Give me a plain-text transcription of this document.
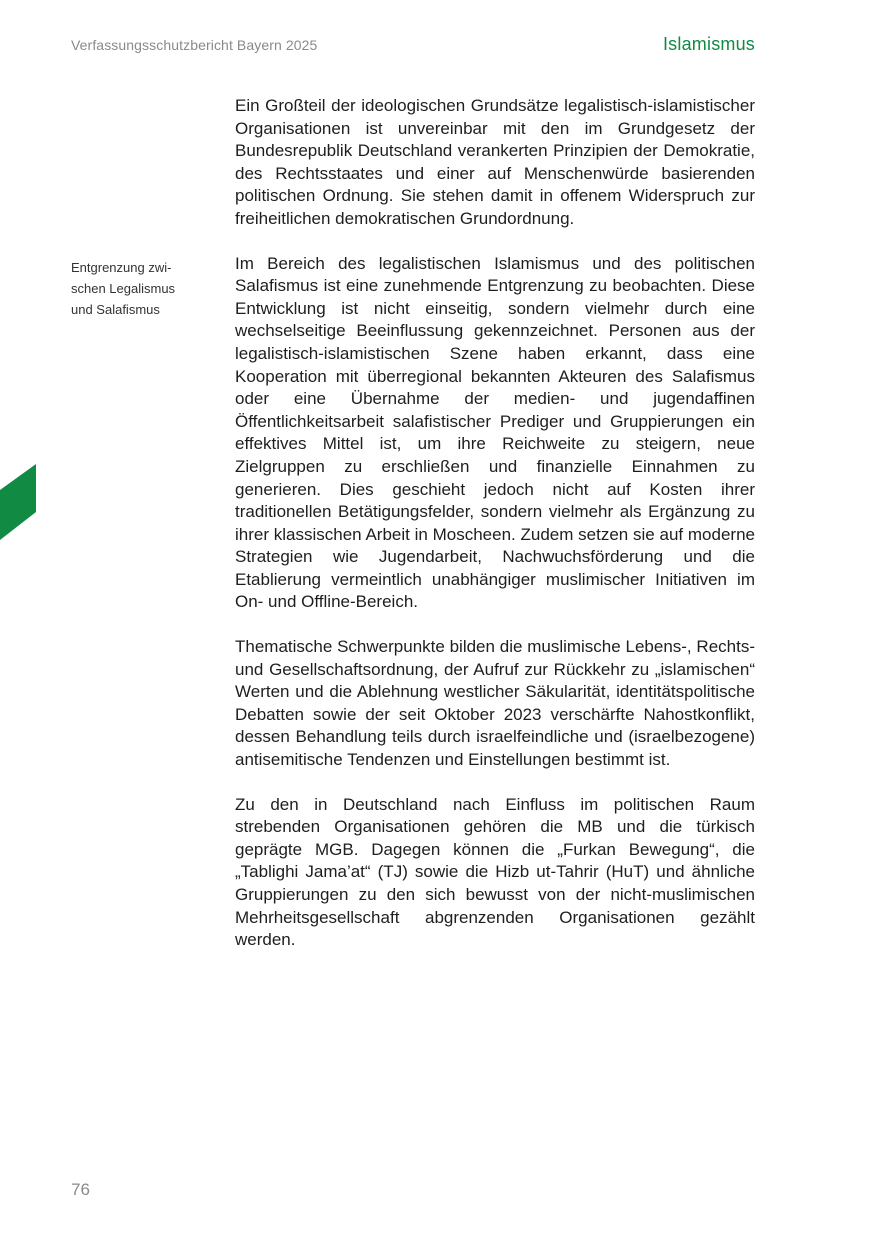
Verfassungsschutzbericht Bayern 2025	Islamismus
Entgrenzung zwi-
schen Legalismus
und Salafismus

Ein Großteil der ideologischen Grundsätze legalistisch-islamistischer Organisationen ist unvereinbar mit den im Grundgesetz der Bundesrepublik Deutschland verankerten Prinzipien der Demokratie, des Rechtsstaates und einer auf Menschenwürde basierenden politischen Ordnung. Sie stehen damit in offenem Widerspruch zur freiheitlichen demokratischen Grundordnung.

Im Bereich des legalistischen Islamismus und des politischen Salafismus ist eine zunehmende Entgrenzung zu beobachten. Diese Entwicklung ist nicht einseitig, sondern vielmehr durch eine wechselseitige Beeinflussung gekennzeichnet. Personen aus der legalistisch-islamistischen Szene haben erkannt, dass eine Kooperation mit überregional bekannten Akteuren des Salafismus oder eine Übernahme der medien- und jugendaffinen Öffentlichkeitsarbeit salafistischer Prediger und Gruppierungen ein effektives Mittel ist, um ihre Reichweite zu steigern, neue Zielgruppen zu erschließen und finanzielle Einnahmen zu generieren. Dies geschieht jedoch nicht auf Kosten ihrer traditionellen Betätigungsfelder, sondern vielmehr als Ergänzung zu ihrer klassischen Arbeit in Moscheen. Zudem setzen sie auf moderne Strategien wie Jugendarbeit, Nachwuchsförderung und die Etablierung vermeintlich unabhängiger muslimischer Initiativen im On- und Offline-Bereich.

Thematische Schwerpunkte bilden die muslimische Lebens-, Rechts- und Gesellschaftsordnung, der Aufruf zur Rückkehr zu „islamischen“ Werten und die Ablehnung westlicher Säkularität, identitätspolitische Debatten sowie der seit Oktober 2023 verschärfte Nahostkonflikt, dessen Behandlung teils durch israelfeindliche und (israelbezogene) antisemitische Tendenzen und Einstellungen bestimmt ist.

Zu den in Deutschland nach Einfluss im politischen Raum strebenden Organisationen gehören die MB und die türkisch geprägte MGB. Dagegen können die „Furkan Bewegung“, die „Tablighi Jama’at“ (TJ) sowie die Hizb ut-Tahrir (HuT) und ähnliche Gruppierungen zu den sich bewusst von der nicht-muslimischen Mehrheitsgesellschaft abgrenzenden Organisationen gezählt werden.

76
